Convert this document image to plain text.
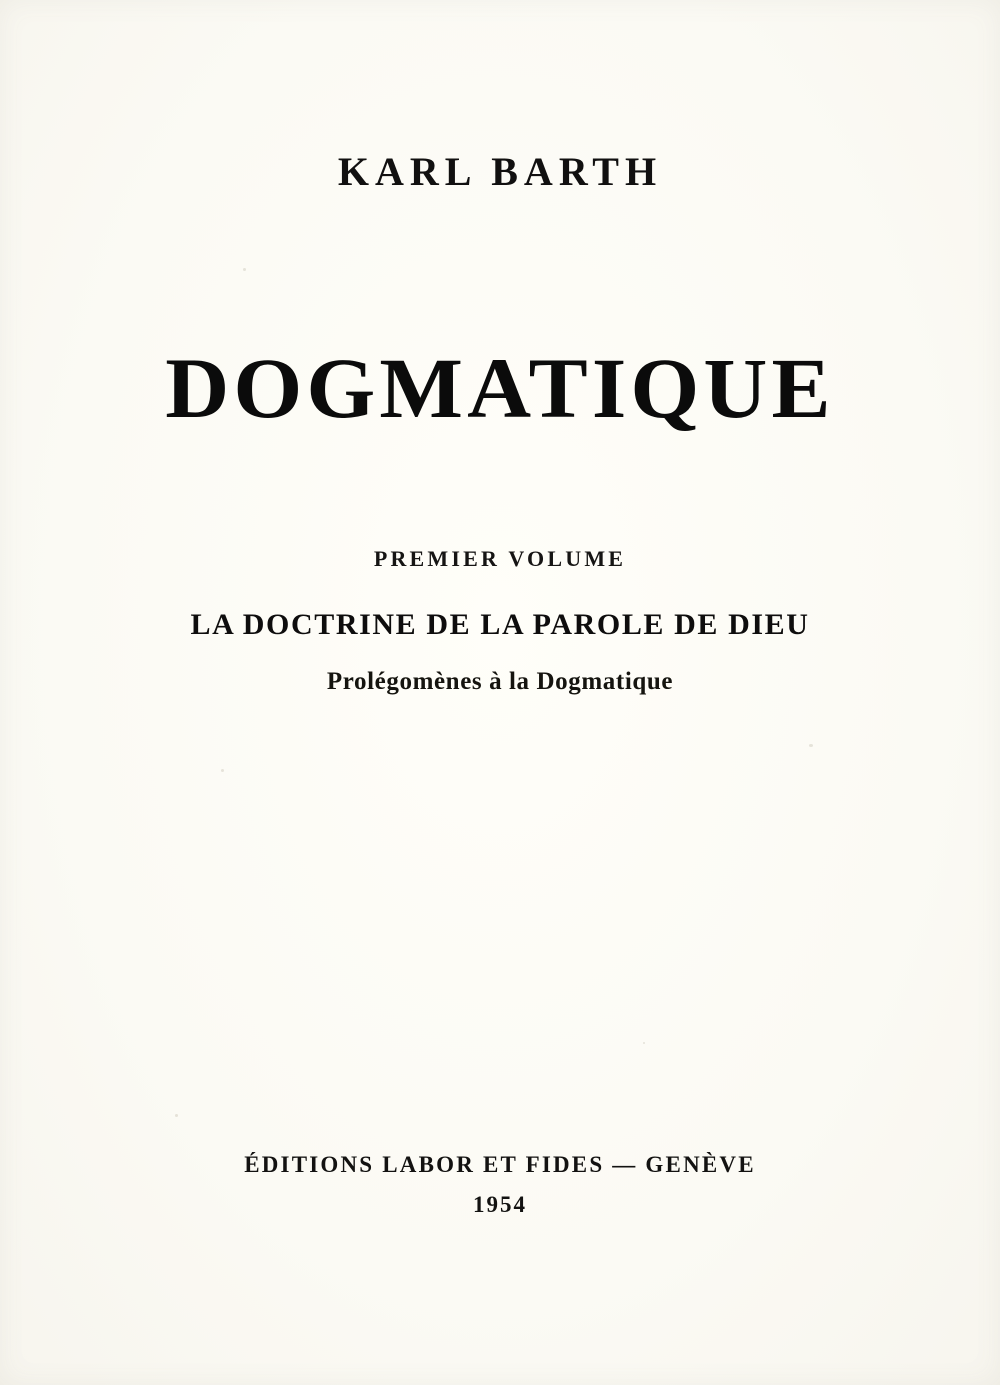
KARL BARTH
DOGMATIQUE
PREMIER VOLUME
LA DOCTRINE DE LA PAROLE DE DIEU
Prolégomènes à la Dogmatique
ÉDITIONS LABOR ET FIDES — GENÈVE
1954
